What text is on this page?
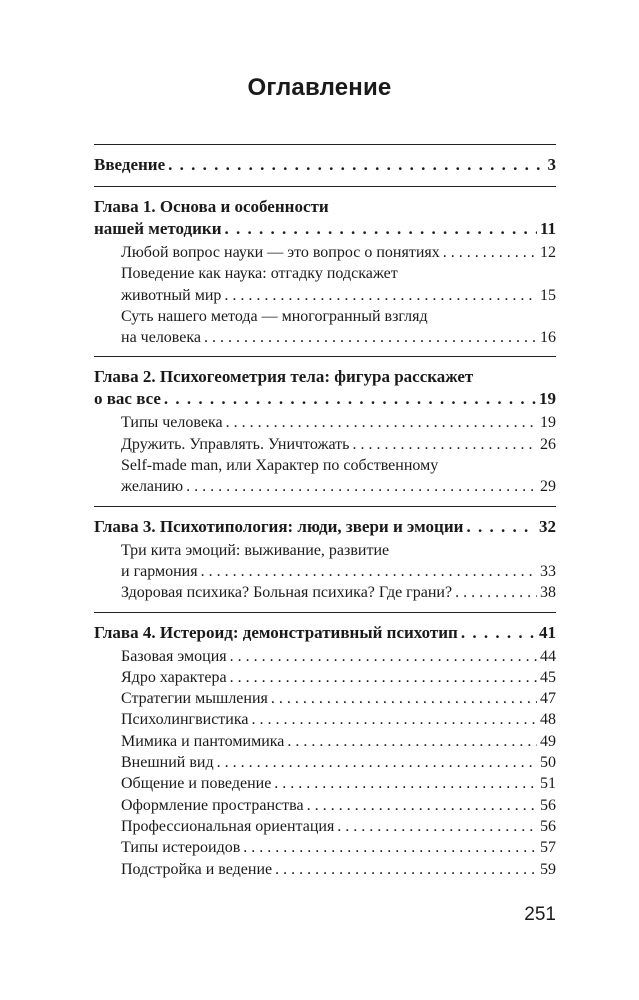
Оглавление
Введение . . .	3
Глава 1. Основа и особенности
нашей методики . . .	11
Любой вопрос науки — это вопрос о понятиях . . .	12
Поведение как наука: отгадку подскажет
животный мир . . .	15
Суть нашего метода — многогранный взгляд
на человека . . .	16
Глава 2. Психогеометрия тела: фигура расскажет
о вас все . . .	19
Типы человека . . .	19
Дружить. Управлять. Уничтожать . . .	26
Self-made man, или Характер по собственному
желанию . . .	29
Глава 3. Психотипология: люди, звери и эмоции . . .	32
Три кита эмоций: выживание, развитие
и гармония . . .	33
Здоровая психика? Больная психика? Где грани? . . .	38
Глава 4. Истероид: демонстративный психотип . . .	41
Базовая эмоция . . .	44
Ядро характера . . .	45
Стратегии мышления . . .	47
Психолингвистика . . .	48
Мимика и пантомимика . . .	49
Внешний вид . . .	50
Общение и поведение . . .	51
Оформление пространства . . .	56
Профессиональная ориентация . . .	56
Типы истероидов . . .	57
Подстройка и ведение . . .	59
251
